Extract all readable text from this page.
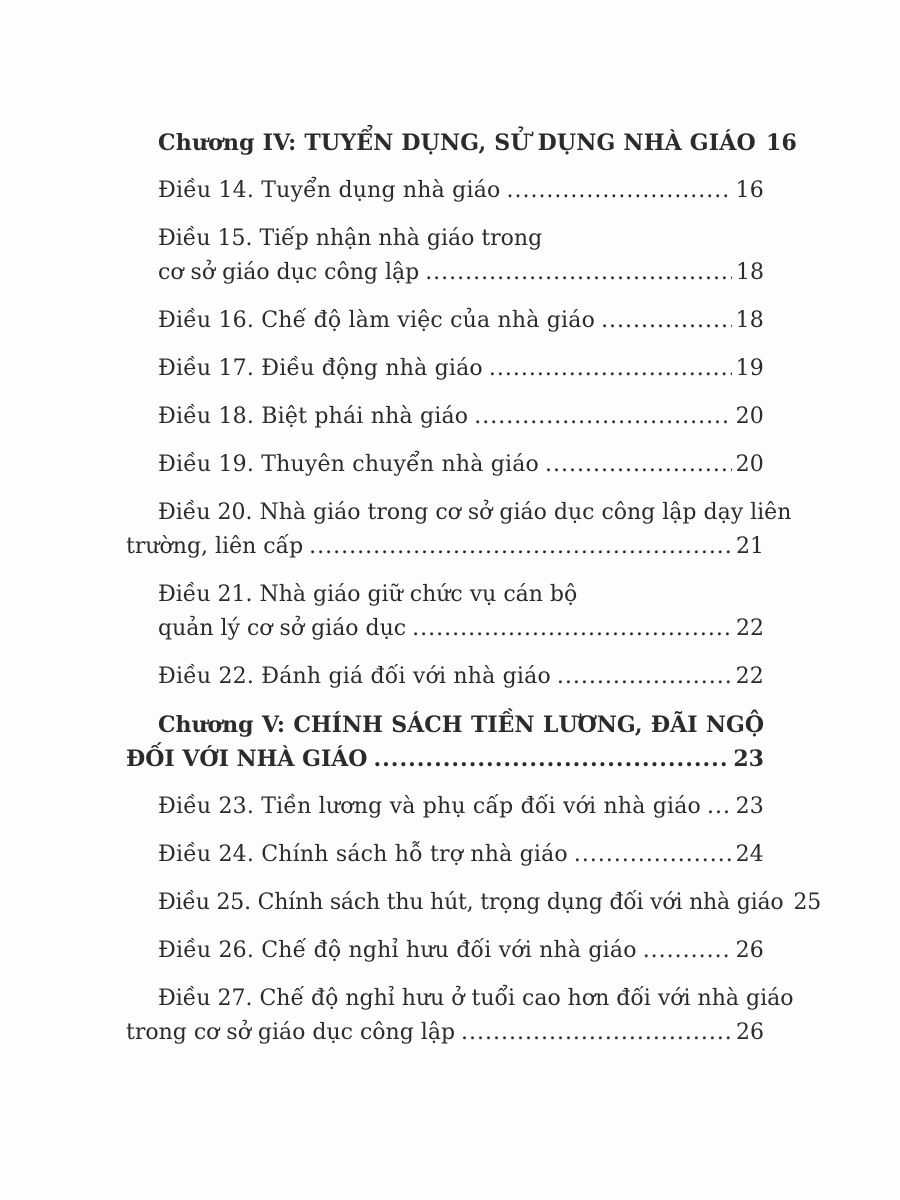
Chương IV: TUYỂN DỤNG, SỬ DỤNG NHÀ GIÁO 16
Điều 14. Tuyển dụng nhà giáo .....	16
Điều 15. Tiếp nhận nhà giáo trong
cơ sở giáo dục công lập .....	18
Điều 16. Chế độ làm việc của nhà giáo .....	18
Điều 17. Điều động nhà giáo .....	19
Điều 18. Biệt phái nhà giáo .....	20
Điều 19. Thuyên chuyển nhà giáo .....	20
Điều 20. Nhà giáo trong cơ sở giáo dục công lập dạy liên
trường, liên cấp .....	21
Điều 21. Nhà giáo giữ chức vụ cán bộ
quản lý cơ sở giáo dục .....	22
Điều 22. Đánh giá đối với nhà giáo .....	22
Chương V: CHÍNH SÁCH TIỀN LƯƠNG, ĐÃI NGỘ
ĐỐI VỚI NHÀ GIÁO .....	23
Điều 23. Tiền lương và phụ cấp đối với nhà giáo ..... 23
Điều 24. Chính sách hỗ trợ nhà giáo .....	24
Điều 25. Chính sách thu hút, trọng dụng đối với nhà giáo 25
Điều 26. Chế độ nghỉ hưu đối với nhà giáo .....	26
Điều 27. Chế độ nghỉ hưu ở tuổi cao hơn đối với nhà giáo
trong cơ sở giáo dục công lập .....	26
